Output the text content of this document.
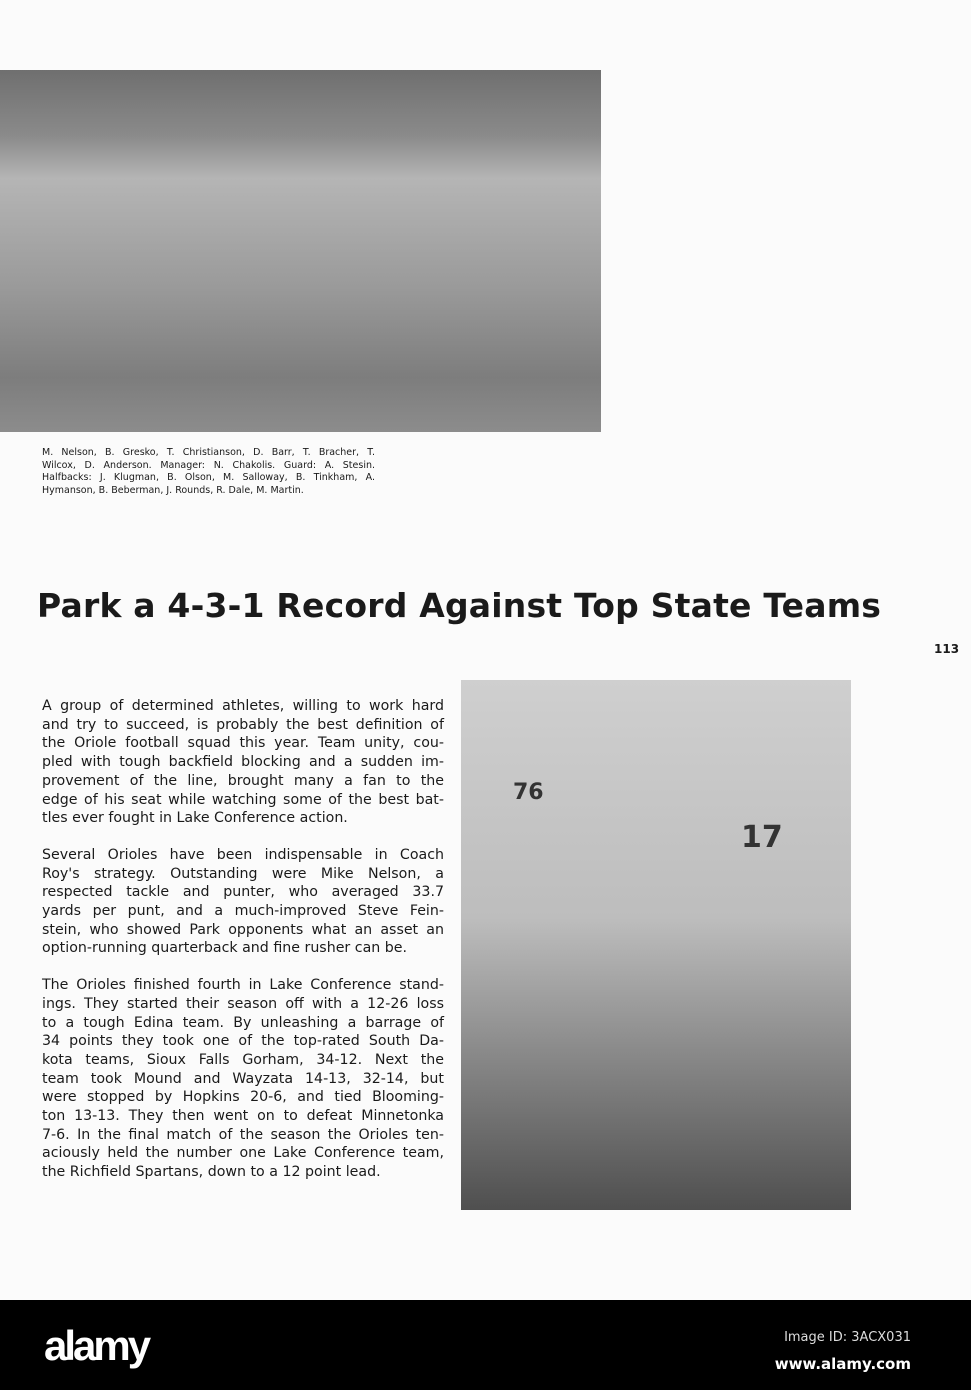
M. Nelson, B. Gresko, T. Christianson, D. Barr, T. Bracher, T.
Wilcox, D. Anderson. Manager: N. Chakolis. Guard: A. Stesin.
Halfbacks: J. Klugman, B. Olson, M. Salloway, B. Tinkham, A.
Hymanson, B. Beberman, J. Rounds, R. Dale, M. Martin.
Park a 4-3-1 Record Against Top State Teams
113
A group of determined athletes, willing to work hard
and try to succeed, is probably the best definition of
the Oriole football squad this year. Team unity, cou-
pled with tough backfield blocking and a sudden im-
provement of the line, brought many a fan to the
edge of his seat while watching some of the best bat-
tles ever fought in Lake Conference action.
Several Orioles have been indispensable in Coach
Roy's strategy. Outstanding were Mike Nelson, a
respected tackle and punter, who averaged 33.7
yards per punt, and a much-improved Steve Fein-
stein, who showed Park opponents what an asset an
option-running quarterback and fine rusher can be.
The Orioles finished fourth in Lake Conference stand-
ings. They started their season off with a 12-26 loss
to a tough Edina team. By unleashing a barrage of
34 points they took one of the top-rated South Da-
kota teams, Sioux Falls Gorham, 34-12. Next the
team took Mound and Wayzata 14-13, 32-14, but
were stopped by Hopkins 20-6, and tied Blooming-
ton 13-13. They then went on to defeat Minnetonka
7-6. In the final match of the season the Orioles ten-
aciously held the number one Lake Conference team,
the Richfield Spartans, down to a 12 point lead.
76
17
alamy	Image ID: 3ACX031
www.alamy.com
